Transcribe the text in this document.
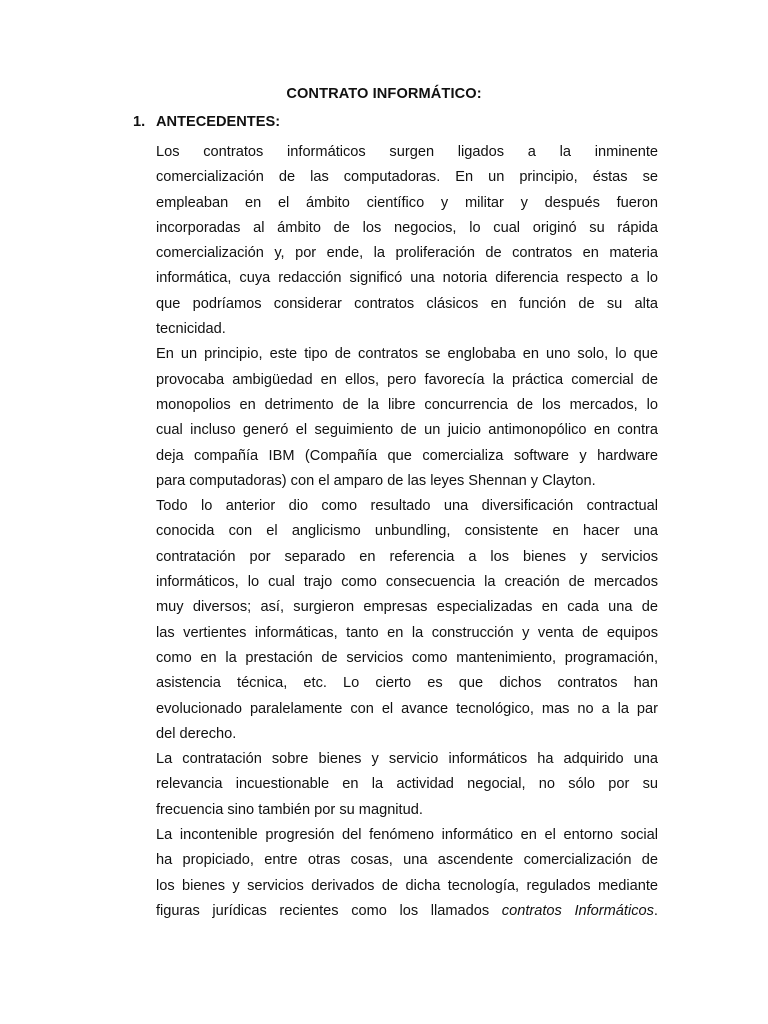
CONTRATO INFORMÁTICO:
1. ANTECEDENTES:

Los contratos informáticos surgen ligados a la inminente
comercialización de las computadoras. En un principio, éstas se
empleaban en el ámbito científico y militar y después fueron
incorporadas al ámbito de los negocios, lo cual originó su rápida
comercialización y, por ende, la proliferación de contratos en materia
informática, cuya redacción significó una notoria diferencia respecto a lo
que podríamos considerar contratos clásicos en función de su alta
tecnicidad.

En un principio, este tipo de contratos se englobaba en uno solo, lo que
provocaba ambigüedad en ellos, pero favorecía la práctica comercial de
monopolios en detrimento de la libre concurrencia de los mercados, lo
cual incluso generó el seguimiento de un juicio antimonopólico en contra
deja compañía IBM (Compañía que comercializa software y hardware
para computadoras) con el amparo de las leyes Shennan y Clayton.

Todo lo anterior dio como resultado una diversificación contractual
conocida con el anglicismo unbundling, consistente en hacer una
contratación por separado en referencia a los bienes y servicios
informáticos, lo cual trajo como consecuencia la creación de mercados
muy diversos; así, surgieron empresas especializadas en cada una de
las vertientes informáticas, tanto en la construcción y venta de equipos
como en la prestación de servicios como mantenimiento, programación,
asistencia técnica, etc. Lo cierto es que dichos contratos han
evolucionado paralelamente con el avance tecnológico, mas no a la par
del derecho.

La contratación sobre bienes y servicio informáticos ha adquirido una
relevancia incuestionable en la actividad negocial, no sólo por su
frecuencia sino también por su magnitud.

La incontenible progresión del fenómeno informático en el entorno social
ha propiciado, entre otras cosas, una ascendente comercialización de
los bienes y servicios derivados de dicha tecnología, regulados mediante

figuras jurídicas recientes como los llamados contratos Informáticos.
